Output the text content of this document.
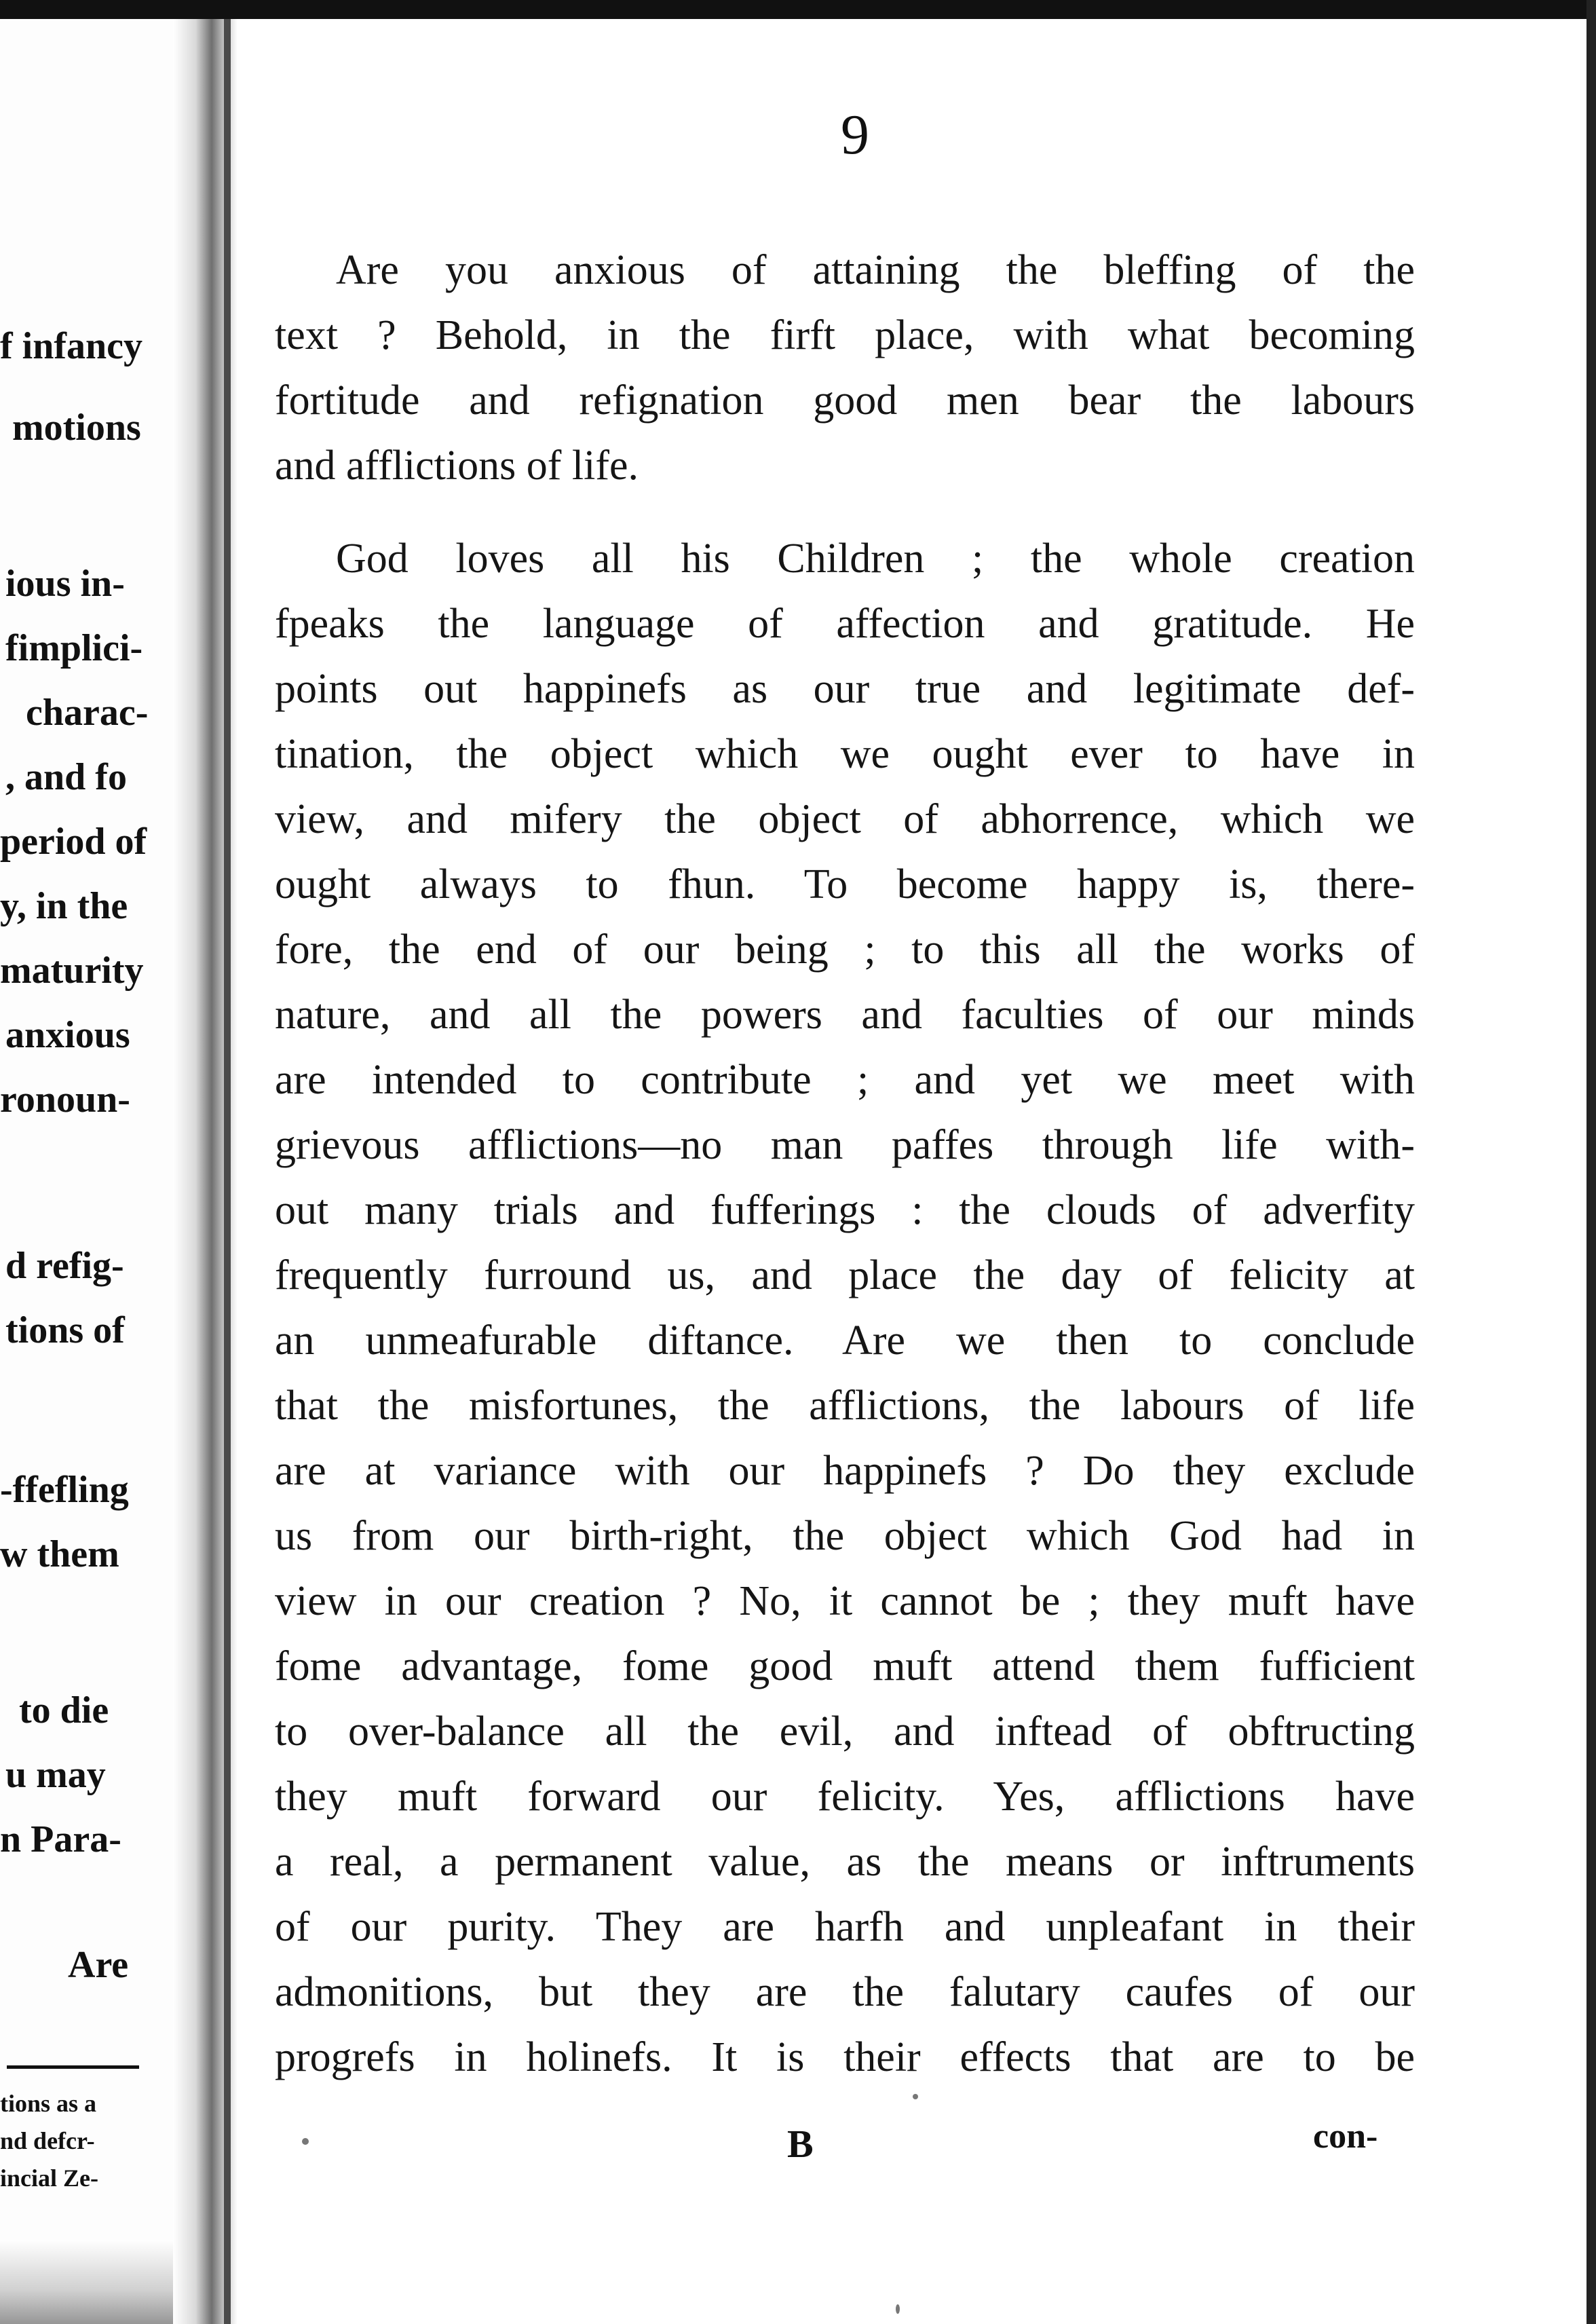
f infancy
motions
ious in-
fimplici-
charac-
, and fo
period of
y, in the
maturity
anxious
ronoun-
d refig-
tions of
-ffefling
w them
to die
u may
n Para-
Are
tions as a
nd defcr-
incial Ze-
9
Are you anxious of attaining the bleffing of the
text ? Behold, in the firft place, with what becoming
fortitude and refignation good men bear the labours
and afflictions of life.
God loves all his Children ; the whole creation
fpeaks the language of affection and gratitude. He
points out happinefs as our true and legitimate def-
tination, the object which we ought ever to have in
view, and mifery the object of abhorrence, which we
ought always to fhun. To become happy is, there-
fore, the end of our being ; to this all the works of
nature, and all the powers and faculties of our minds
are intended to contribute ; and yet we meet with
grievous afflictions—no man paffes through life with-
out many trials and fufferings : the clouds of adverfity
frequently furround us, and place the day of felicity at
an unmeafurable diftance. Are we then to conclude
that the misfortunes, the afflictions, the labours of life
are at variance with our happinefs ? Do they exclude
us from our birth-right, the object which God had in
view in our creation ? No, it cannot be ; they muft have
fome advantage, fome good muft attend them fufficient
to over-balance all the evil, and inftead of obftructing
they muft forward our felicity. Yes, afflictions have
a real, a permanent value, as the means or inftruments
of our purity. They are harfh and unpleafant in their
admonitions, but they are the falutary caufes of our
progrefs in holinefs. It is their effects that are to be
B	con-
